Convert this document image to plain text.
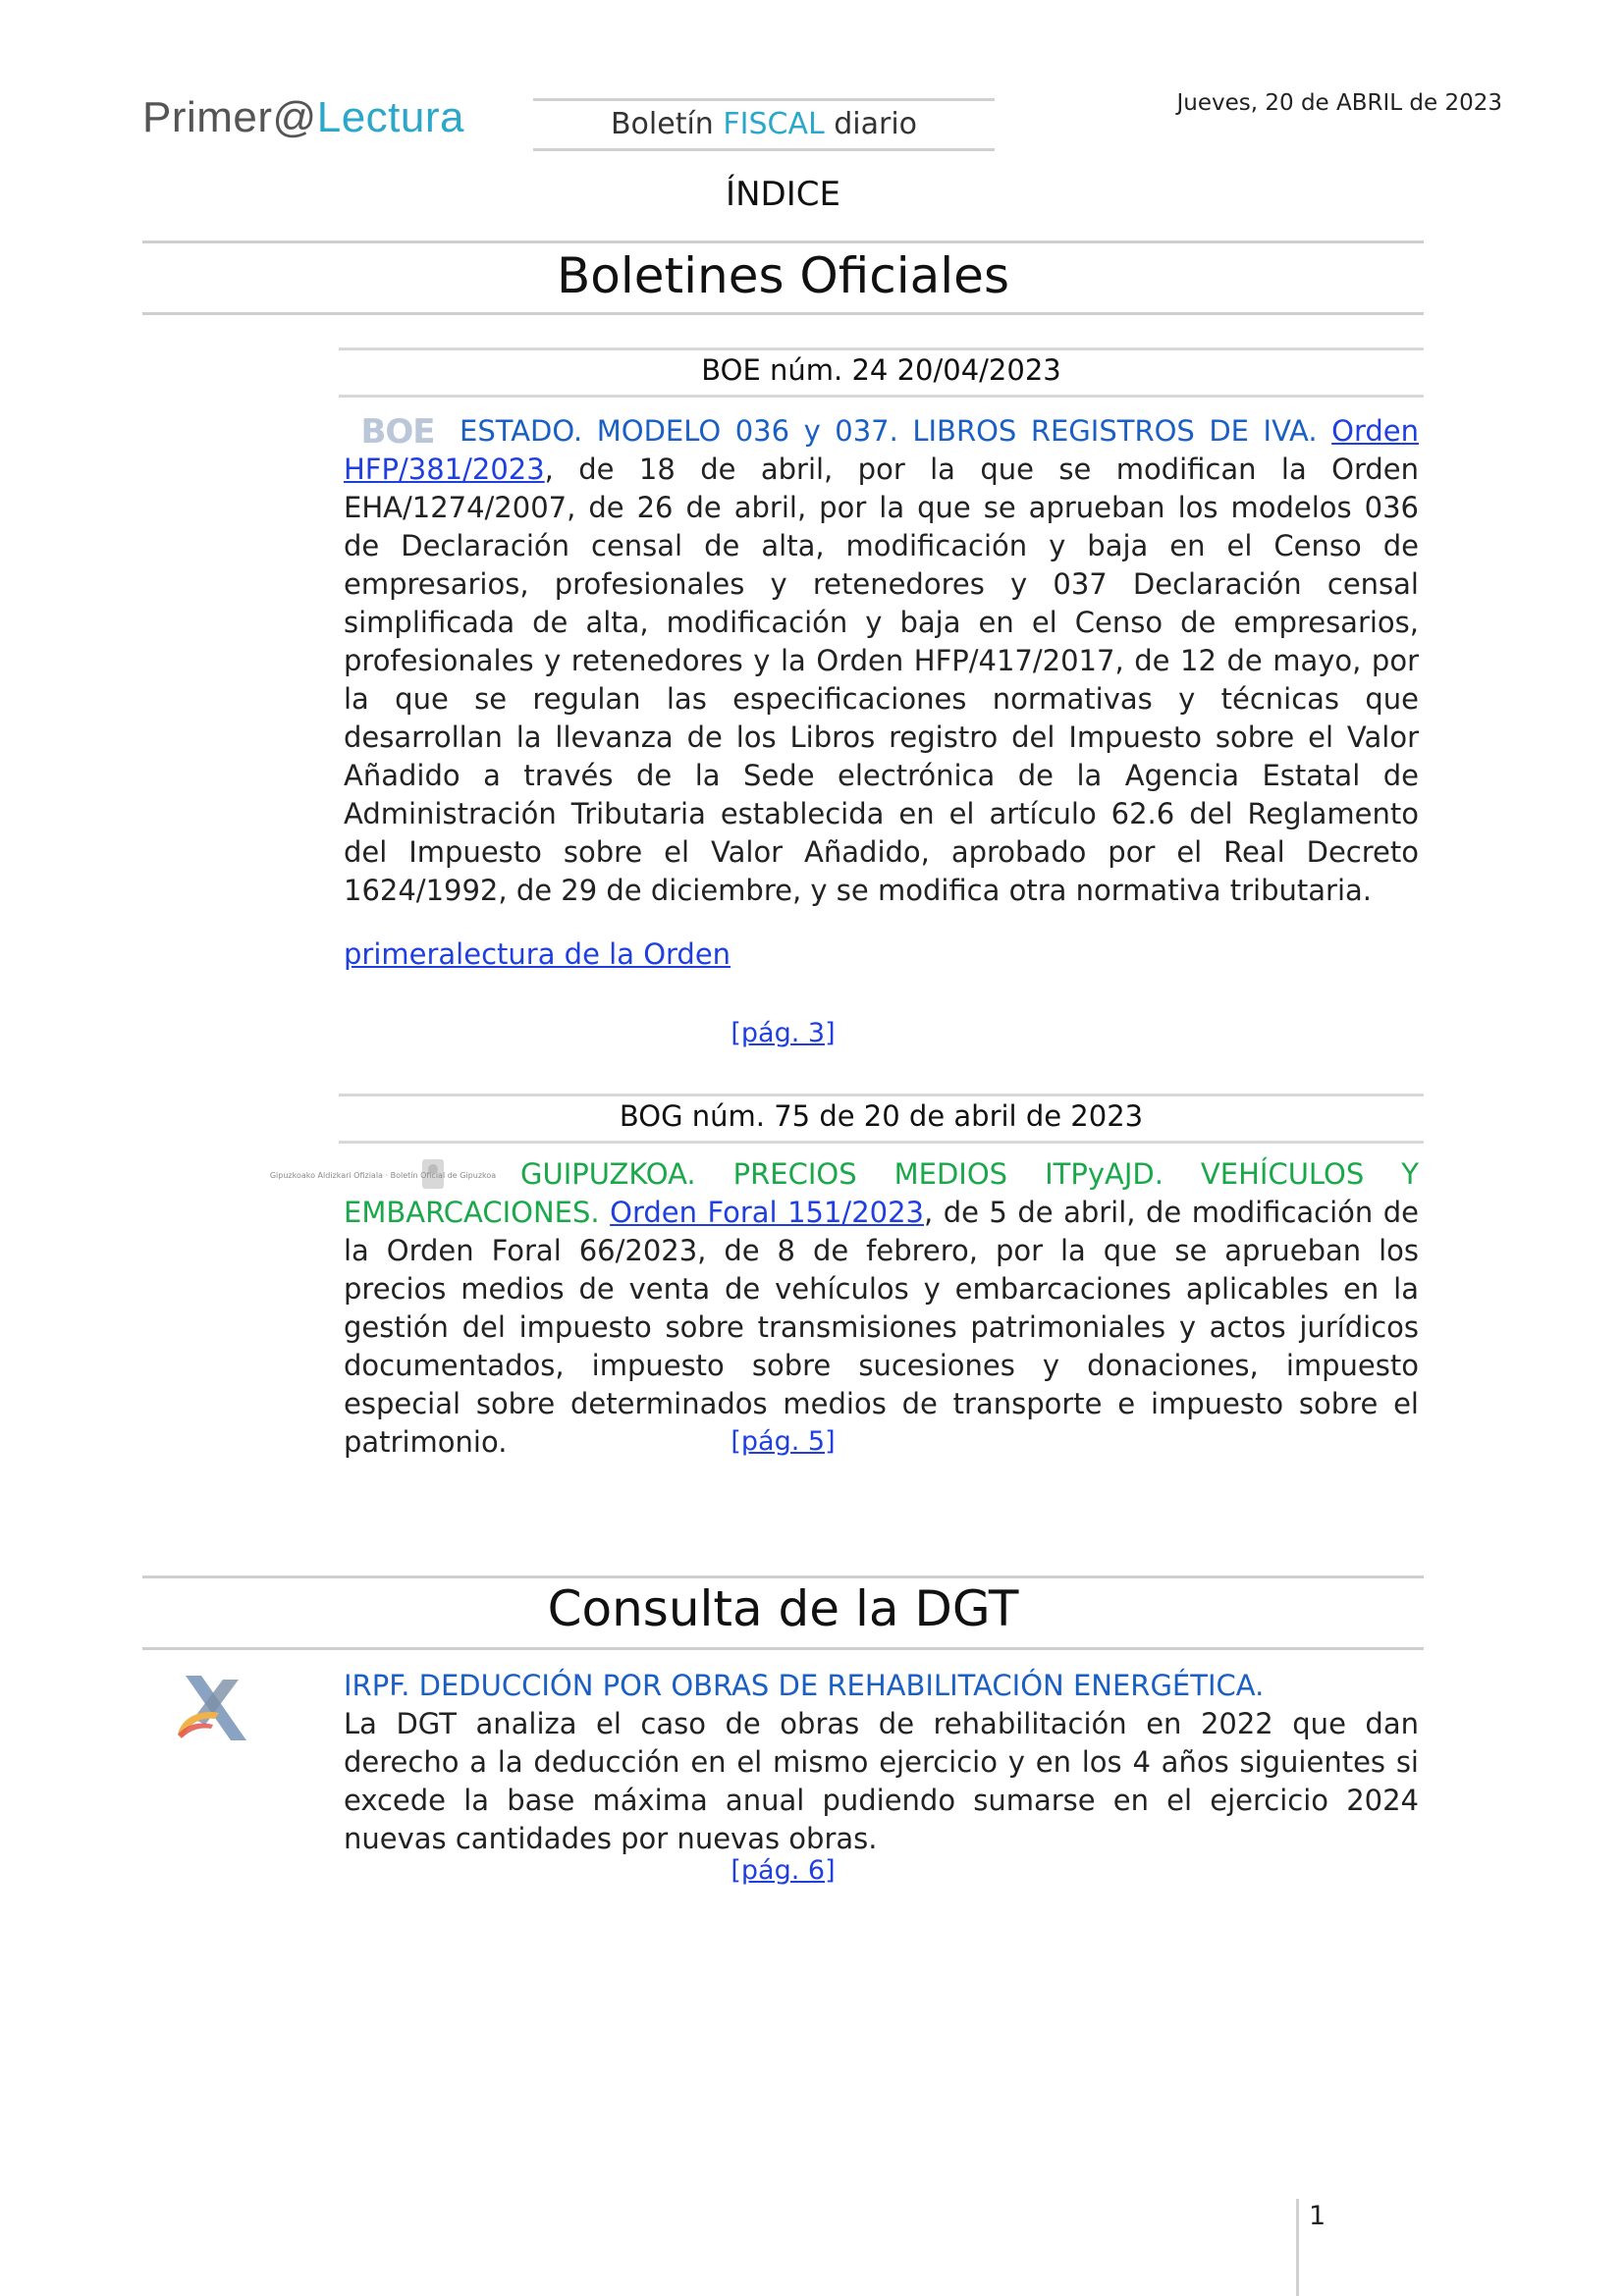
Primer@Lectura	Boletín FISCAL diario
Jueves, 20 de ABRIL de 2023
ÍNDICE
Boletines Oficiales
BOE núm. 24 20/04/2023
BOE ESTADO. MODELO 036 y 037. LIBROS REGISTROS DE IVA. Orden HFP/381/2023, de 18 de abril, por la que se modifican la Orden EHA/1274/2007, de 26 de abril, por la que se aprueban los modelos 036 de Declaración censal de alta, modificación y baja en el Censo de empresarios, profesionales y retenedores y 037 Declaración censal simplificada de alta, modificación y baja en el Censo de empresarios, profesionales y retenedores y la Orden HFP/417/2017, de 12 de mayo, por la que se regulan las especificaciones normativas y técnicas que desarrollan la llevanza de los Libros registro del Impuesto sobre el Valor Añadido a través de la Sede electrónica de la Agencia Estatal de Administración Tributaria establecida en el artículo 62.6 del Reglamento del Impuesto sobre el Valor Añadido, aprobado por el Real Decreto 1624/1992, de 29 de diciembre, y se modifica otra normativa tributaria.
primeralectura de la Orden
[pág. 3]
BOG núm. 75 de 20 de abril de 2023
Gipuzkoako Aldizkari Ofiziala · Boletín Oficial de Gipuzkoa GUIPUZKOA. PRECIOS MEDIOS ITPyAJD. VEHÍCULOS Y EMBARCACIONES. Orden Foral 151/2023, de 5 de abril, de modificación de la Orden Foral 66/2023, de 8 de febrero, por la que se aprueban los precios medios de venta de vehículos y embarcaciones aplicables en la gestión del impuesto sobre transmisiones patrimoniales y actos jurídicos documentados, impuesto sobre sucesiones y donaciones, impuesto especial sobre determinados medios de transporte e impuesto sobre el patrimonio.	[pág. 5]
Consulta de la DGT
IRPF. DEDUCCIÓN POR OBRAS DE REHABILITACIÓN ENERGÉTICA.
La DGT analiza el caso de obras de rehabilitación en 2022 que dan derecho a la deducción en el mismo ejercicio y en los 4 años siguientes si excede la base máxima anual pudiendo sumarse en el ejercicio 2024 nuevas cantidades por nuevas obras.
[pág. 6]
1
